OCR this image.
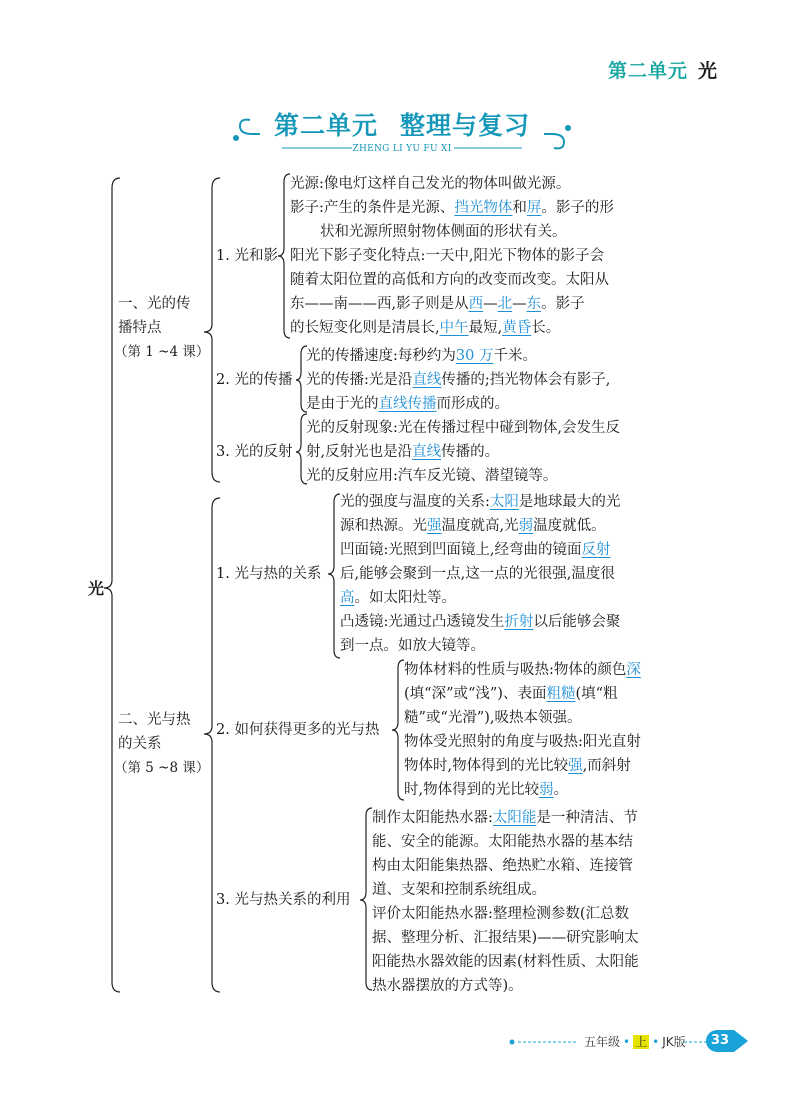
第二单元 光
第二单元 整理与复习
ZHENG LI YU FU XI
光
一、光的传
播特点
（第 1 ~4 课）
1. 光和影
光源:像电灯这样自己发光的物体叫做光源。
影子:产生的条件是光源、挡光物体和屏。影子的形
状和光源所照射物体侧面的形状有关。
阳光下影子变化特点:一天中,阳光下物体的影子会
随着太阳位置的高低和方向的改变而改变。太阳从
东——南——西,影子则是从西—北—东。影子
的长短变化则是清晨长,中午最短,黄昏长。
2. 光的传播
光的传播速度:每秒约为30 万千米。
光的传播:光是沿直线传播的;挡光物体会有影子,
是由于光的直线传播而形成的。
3. 光的反射
光的反射现象:光在传播过程中碰到物体,会发生反
射,反射光也是沿直线传播的。
光的反射应用:汽车反光镜、潜望镜等。
二、光与热
的关系
（第 5 ~8 课）
1. 光与热的关系
光的强度与温度的关系:太阳是地球最大的光
源和热源。光强温度就高,光弱温度就低。
凹面镜:光照到凹面镜上,经弯曲的镜面反射
后,能够会聚到一点,这一点的光很强,温度很
高。如太阳灶等。
凸透镜:光通过凸透镜发生折射以后能够会聚
到一点。如放大镜等。
2. 如何获得更多的光与热
物体材料的性质与吸热:物体的颜色深
(填“深”或“浅”)、表面粗糙(填“粗
糙”或“光滑”),吸热本领强。
物体受光照射的角度与吸热:阳光直射
物体时,物体得到的光比较强,而斜射
时,物体得到的光比较弱。
3. 光与热关系的利用
制作太阳能热水器:太阳能是一种清洁、节
能、安全的能源。太阳能热水器的基本结
构由太阳能集热器、绝热贮水箱、连接管
道、支架和控制系统组成。
评价太阳能热水器:整理检测参数(汇总数
据、整理分析、汇报结果)——研究影响太
阳能热水器效能的因素(材料性质、太阳能
热水器摆放的方式等)。
五年级 • 上 • JK版	33
